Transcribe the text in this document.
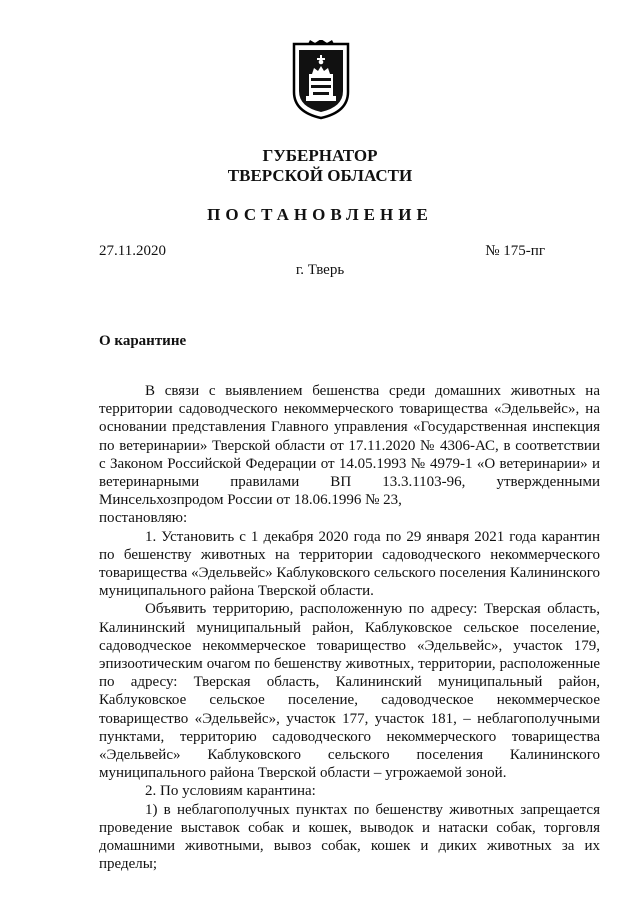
ГУБЕРНАТОР
ТВЕРСКОЙ ОБЛАСТИ
ПОСТАНОВЛЕНИЕ
27.11.2020	№ 175-пг
г. Тверь
О карантине

В связи с выявлением бешенства среди домашних животных на территории садоводческого некоммерческого товарищества «Эдельвейс», на основании представления Главного управления «Государственная инспекция по ветеринарии» Тверской области от 17.11.2020 № 4306-АС, в соответствии с Законом Российской Федерации от 14.05.1993 № 4979-1 «О ветеринарии» и ветеринарными правилами ВП 13.3.1103-96, утвержденными Минсельхозпродом России от 18.06.1996 № 23,

постановляю:

1. Установить с 1 декабря 2020 года по 29 января 2021 года карантин по бешенству животных на территории садоводческого некоммерческого товарищества «Эдельвейс» Каблуковского сельского поселения Калининского муниципального района Тверской области.

Объявить территорию, расположенную по адресу: Тверская область, Калининский муниципальный район, Каблуковское сельское поселение, садоводческое некоммерческое товарищество «Эдельвейс», участок 179, эпизоотическим очагом по бешенству животных, территории, расположенные по адресу: Тверская область, Калининский муниципальный район, Каблуковское сельское поселение, садоводческое некоммерческое товарищество «Эдельвейс», участок 177, участок 181, – неблагополучными пунктами, территорию садоводческого некоммерческого товарищества «Эдельвейс» Каблуковского сельского поселения Калининского муниципального района Тверской области – угрожаемой зоной.

2. По условиям карантина:

1) в неблагополучных пунктах по бешенству животных запрещается проведение выставок собак и кошек, выводок и натаски собак, торговля домашними животными, вывоз собак, кошек и диких животных за их пределы;
